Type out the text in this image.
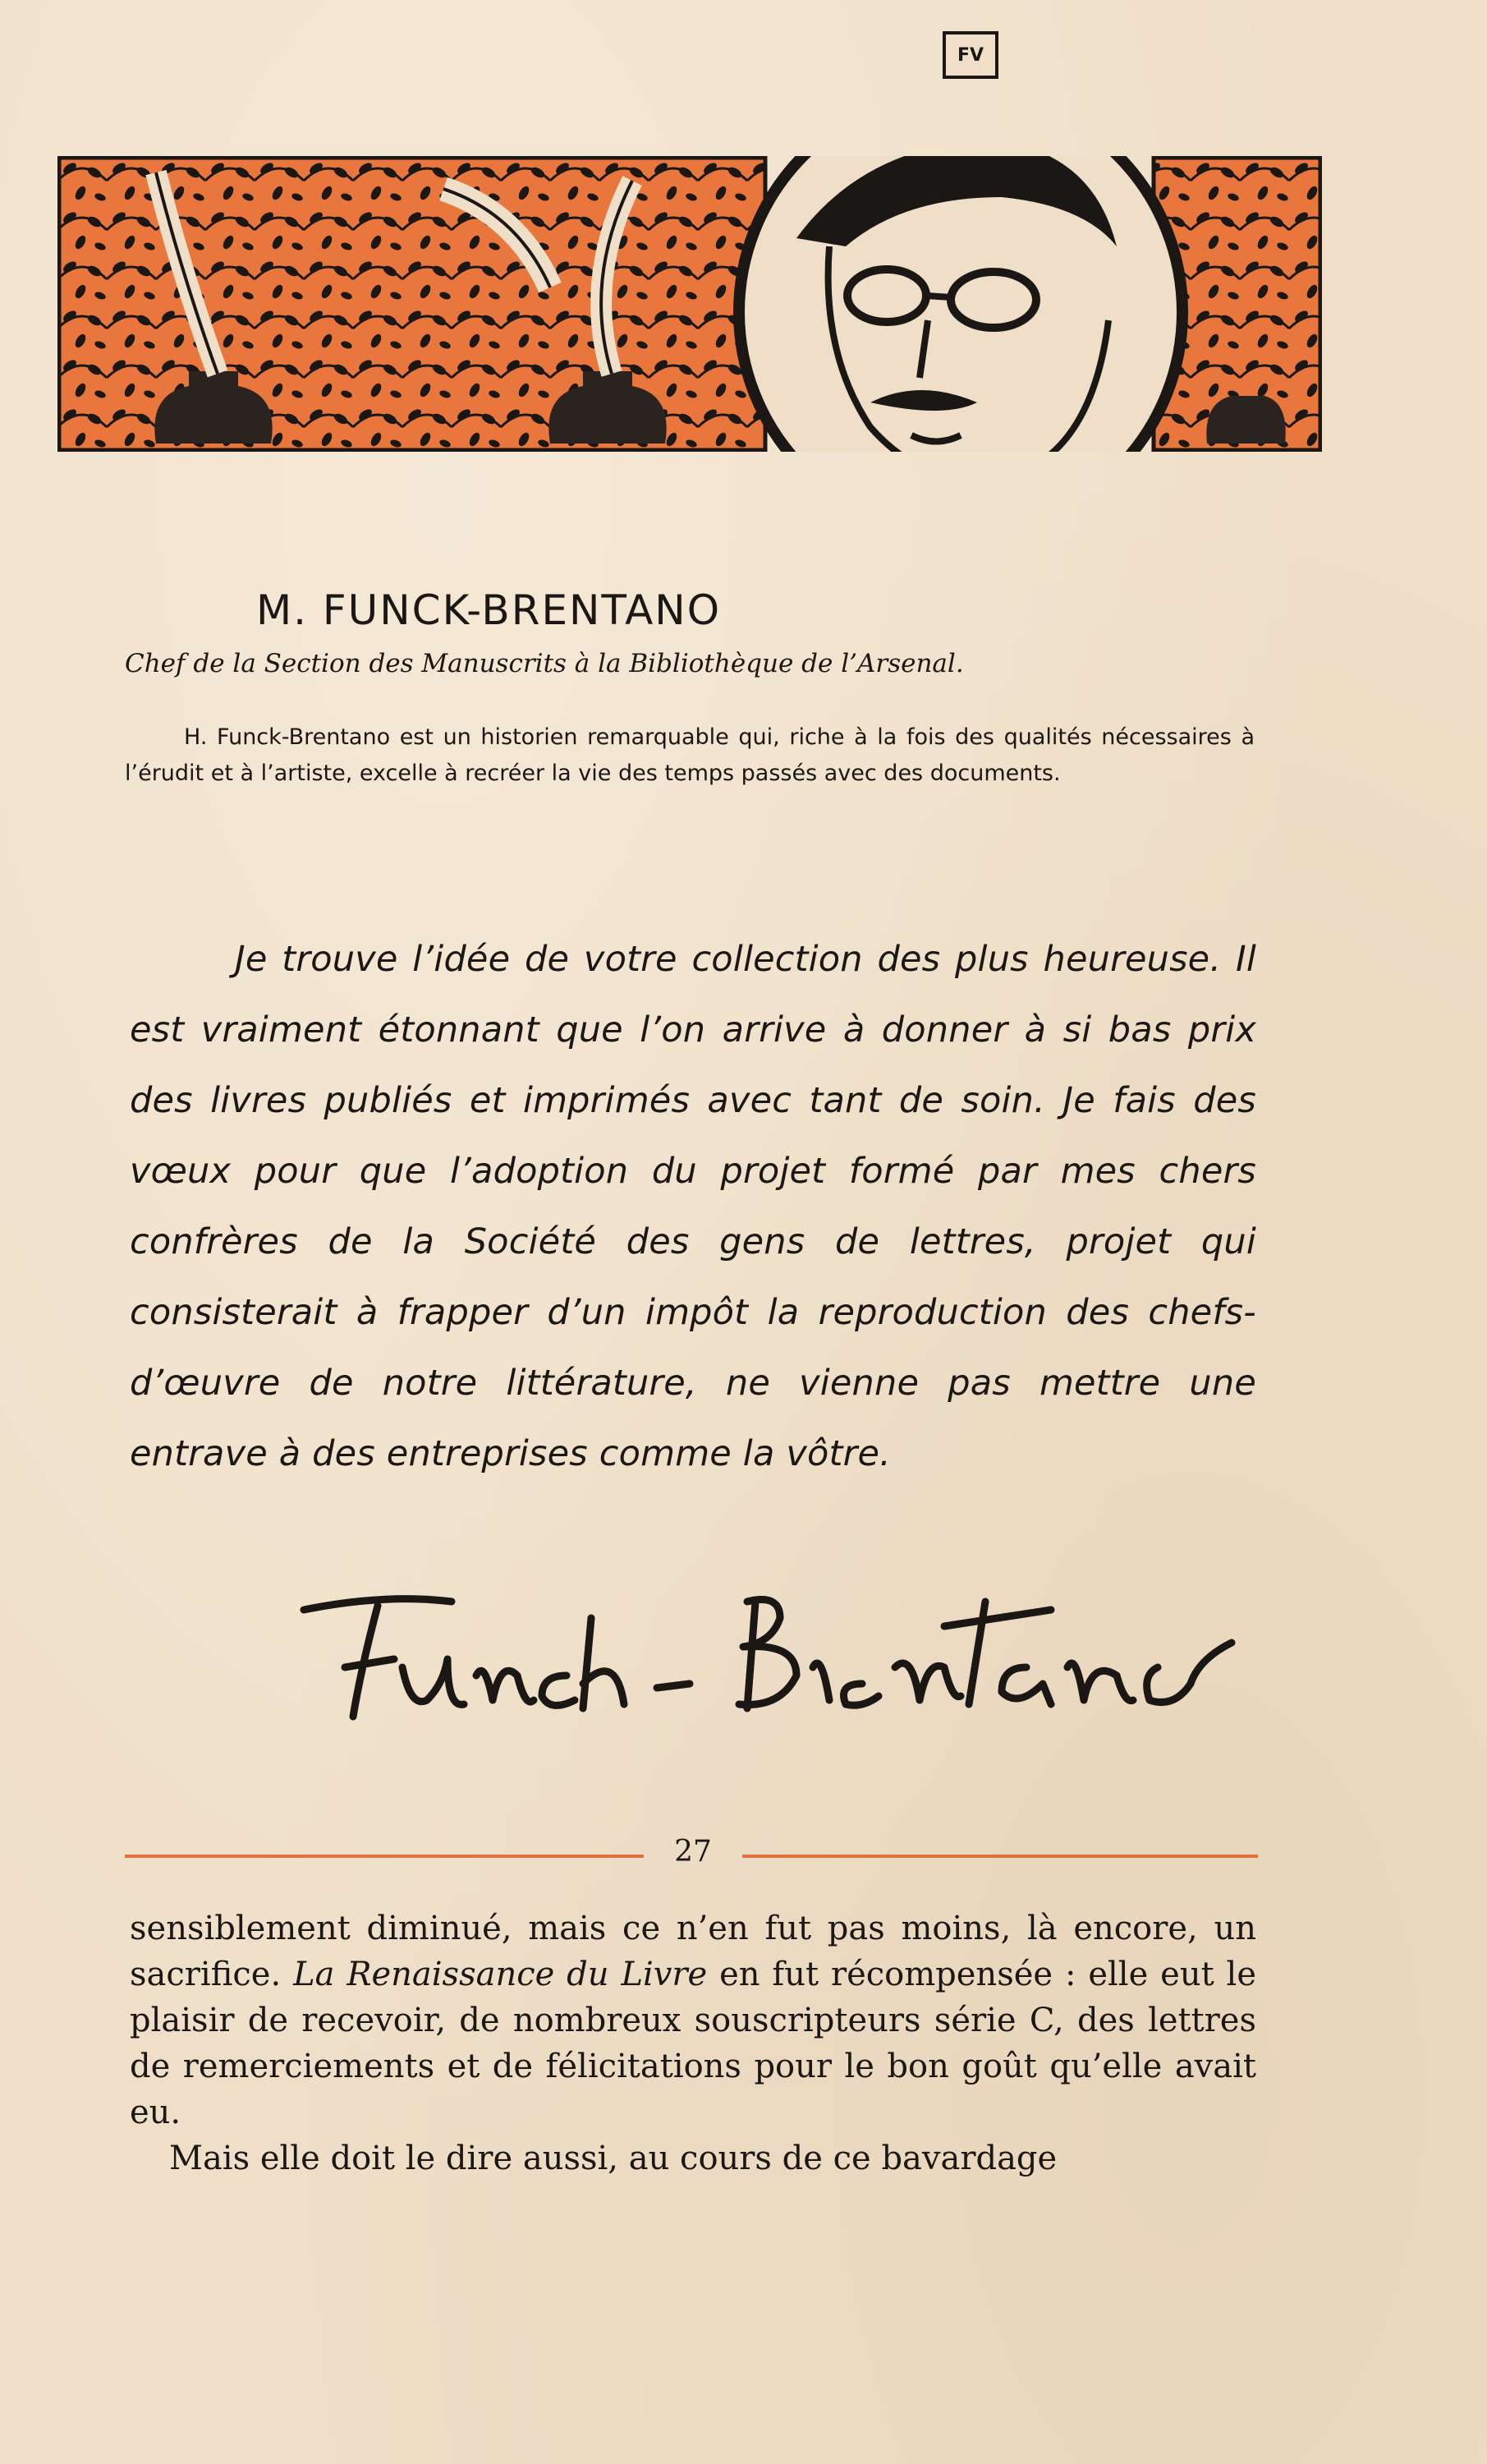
FV
M. FUNCK-BRENTANO
Chef de la Section des Manuscrits à la Bibliothèque de l’Arsenal.
H. Funck-Brentano est un historien remarquable qui, riche à la fois des qualités nécessaires à l’érudit et à l’artiste, excelle à recréer la vie des temps passés avec des documents.
Je trouve l’idée de votre collection des plus heureuse. Il est vraiment étonnant que l’on arrive à donner à si bas prix des livres publiés et imprimés avec tant de soin. Je fais des vœux pour que l’adoption du projet formé par mes chers confrères de la Société des gens de lettres, projet qui consisterait à frapper d’un impôt la reproduction des chefs-d’œuvre de notre littérature, ne vienne pas mettre une entrave à des entreprises comme la vôtre.
27

sensiblement diminué, mais ce n’en fut pas moins, là encore, un sacrifice. La Renaissance du Livre en fut récompensée : elle eut le plaisir de recevoir, de nombreux souscripteurs série C, des lettres de remerciements et de félicitations pour le bon goût qu’elle avait eu.

Mais elle doit le dire aussi, au cours de ce bavardage
